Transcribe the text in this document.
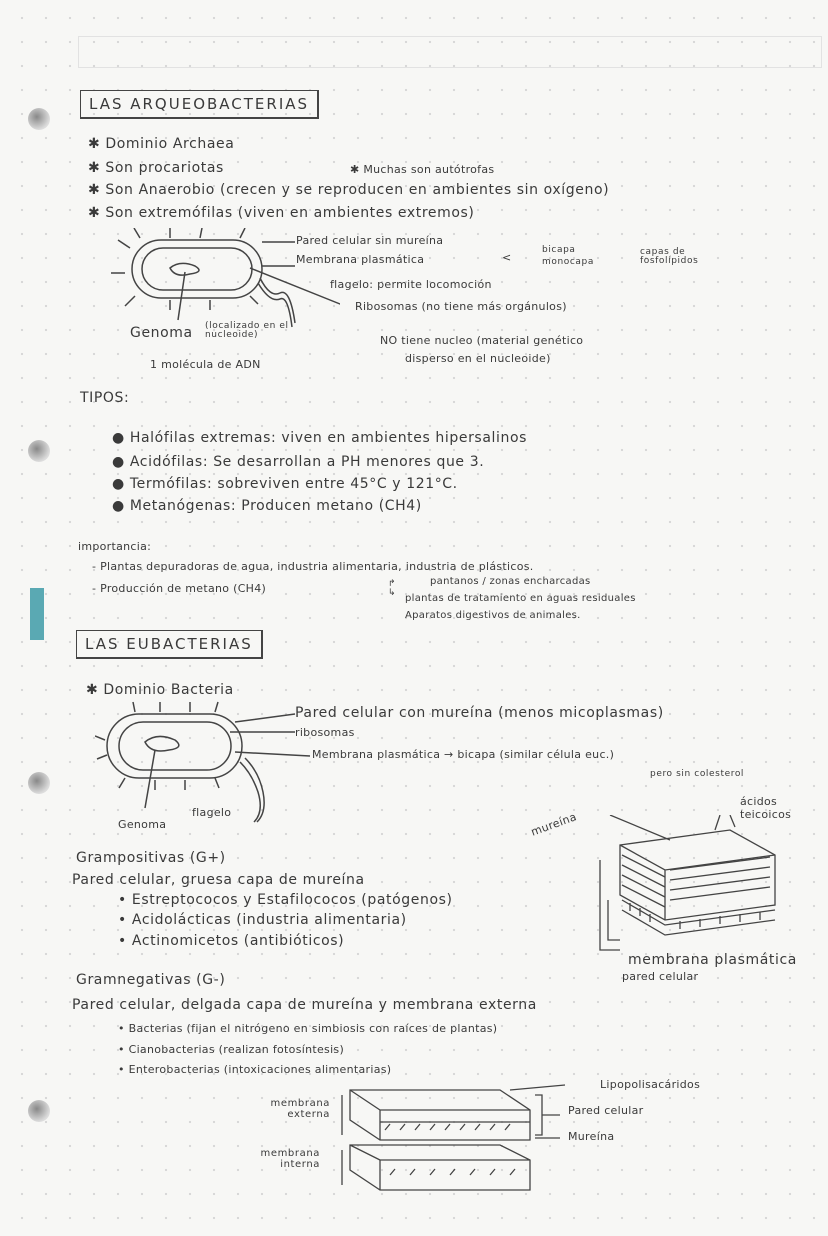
LAS ARQUEOBACTERIAS
✱ Dominio Archaea
✱ Son procariotas	✱ Muchas son autótrofas
✱ Son Anaerobio (crecen y se reproducen en ambientes sin oxígeno)
✱ Son extremófilas (viven en ambientes extremos)
Pared celular sin mureína
Membrana plasmática	<
bicapa
monocapa
capas de fosfolípidos
flagelo: permite locomoción
Ribosomas (no tiene más orgánulos)
Genoma (localizado en el nucleoide)
1 molécula de ADN
NO tiene nucleo (material genético
disperso en el nucleoide)
TIPOS:
● Halófilas extremas: viven en ambientes hipersalinos
● Acidófilas: Se desarrollan a PH menores que 3.
● Termófilas: sobreviven entre 45°C y 121°C.
● Metanógenas: Producen metano (CH4)
importancia:
- Plantas depuradoras de agua, industria alimentaria, industria de plásticos.
- Producción de metano (CH4)	↱
↳
pantanos / zonas encharcadas
plantas de tratamiento en aguas residuales
Aparatos digestivos de animales.
LAS EUBACTERIAS
✱ Dominio Bacteria
Pared celular con mureína (menos micoplasmas)
ribosomas
Membrana plasmática → bicapa (similar célula euc.)
pero sin colesterol
flagelo
Genoma
Grampositivas (G+)
Pared celular, gruesa capa de mureína
• Estreptococos y Estafilococos (patógenos)
• Acidolácticas (industria alimentaria)
• Actinomicetos (antibióticos)
mureína
ácidos teicoicos
membrana plasmática
pared celular
Gramnegativas (G-)
Pared celular, delgada capa de mureína y membrana externa
• Bacterias (fijan el nitrógeno en simbiosis con raíces de plantas)
• Cianobacterias (realizan fotosíntesis)
• Enterobacterias (intoxicaciones alimentarias)
membrana externa
membrana interna
Lipopolisacáridos
Pared celular
Mureína
